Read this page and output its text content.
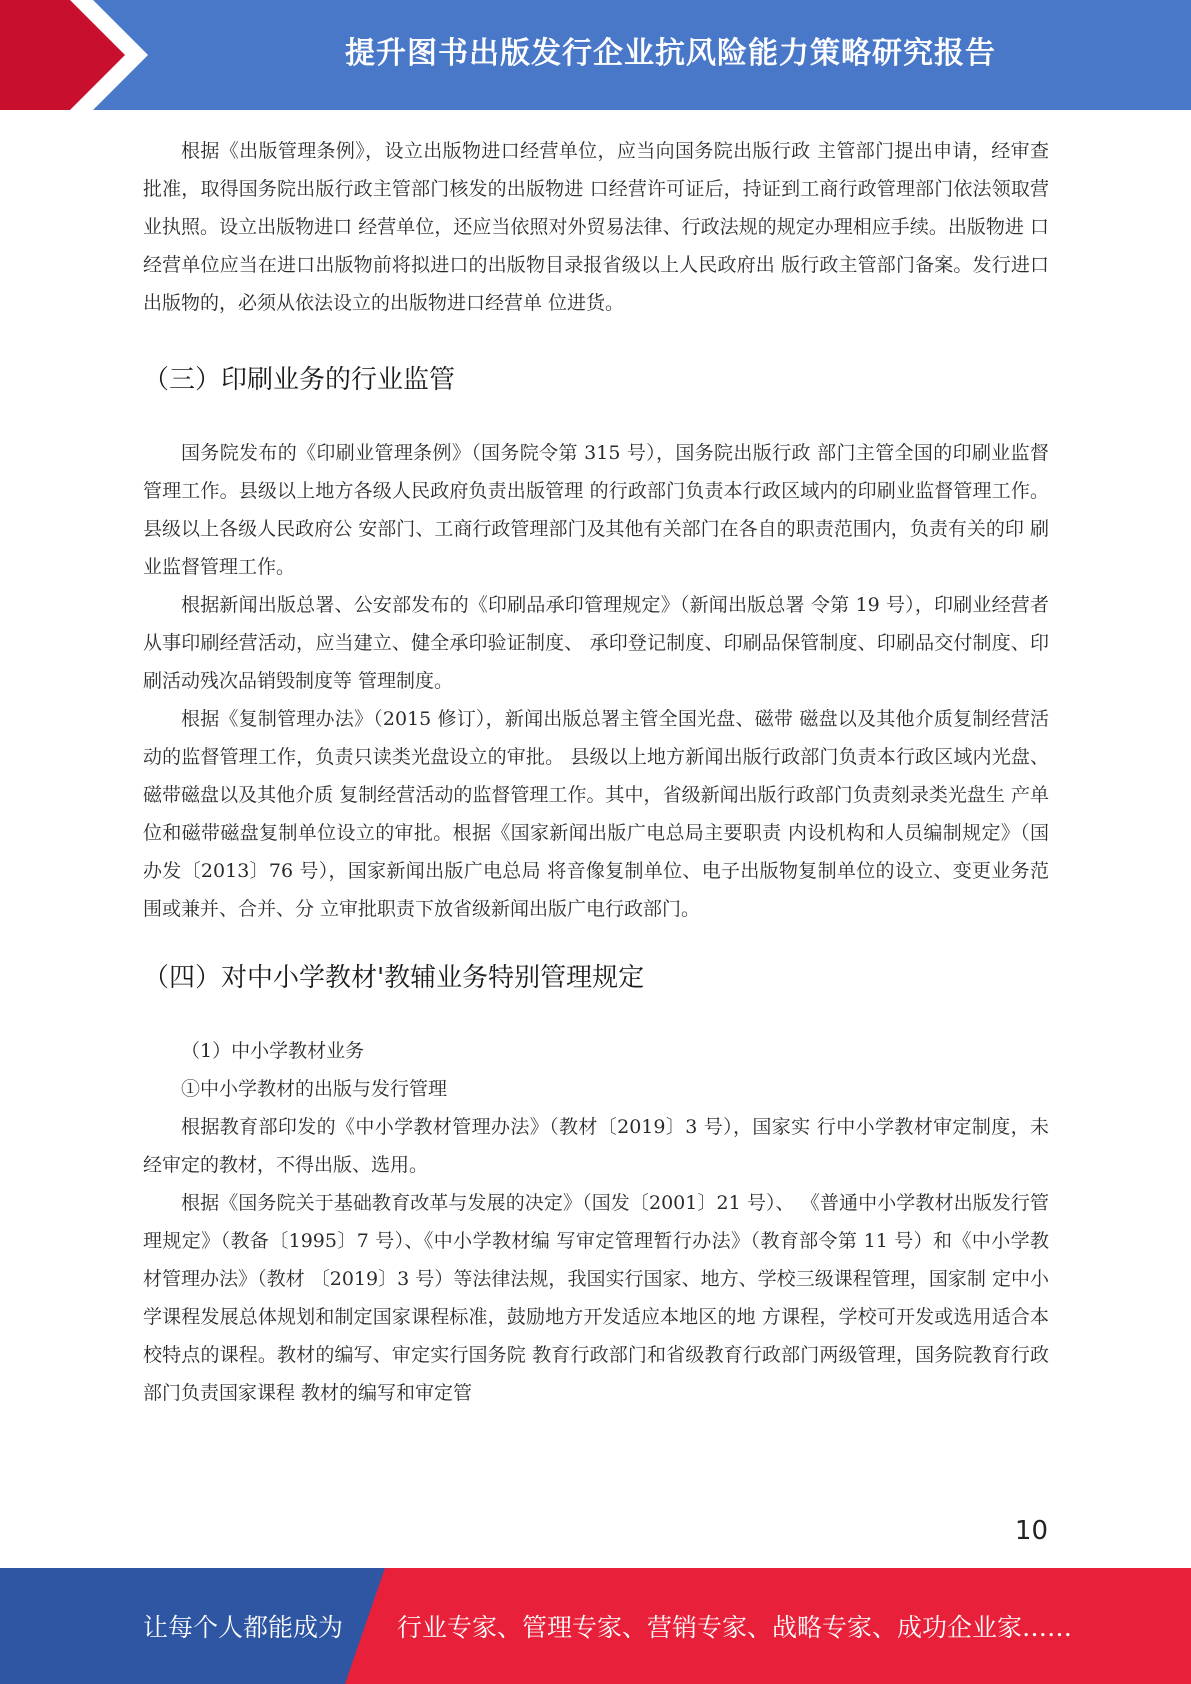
提升图书出版发行企业抗风险能力策略研究报告

根据《出版管理条例》，设立出版物进口经营单位，应当向国务院出版行政 主管部门提出申请，经审查批准，取得国务院出版行政主管部门核发的出版物进 口经营许可证后，持证到工商行政管理部门依法领取营业执照。设立出版物进口 经营单位，还应当依照对外贸易法律、行政法规的规定办理相应手续。出版物进 口经营单位应当在进口出版物前将拟进口的出版物目录报省级以上人民政府出 版行政主管部门备案。发行进口出版物的，必须从依法设立的出版物进口经营单 位进货。

（三）印刷业务的行业监管

国务院发布的《印刷业管理条例》（国务院令第 315 号），国务院出版行政 部门主管全国的印刷业监督管理工作。县级以上地方各级人民政府负责出版管理 的行政部门负责本行政区域内的印刷业监督管理工作。县级以上各级人民政府公 安部门、工商行政管理部门及其他有关部门在各自的职责范围内，负责有关的印 刷业监督管理工作。

根据新闻出版总署、公安部发布的《印刷品承印管理规定》（新闻出版总署 令第 19 号），印刷业经营者从事印刷经营活动，应当建立、健全承印验证制度、 承印登记制度、印刷品保管制度、印刷品交付制度、印刷活动残次品销毁制度等 管理制度。

根据《复制管理办法》（2015 修订），新闻出版总署主管全国光盘、磁带 磁盘以及其他介质复制经营活动的监督管理工作，负责只读类光盘设立的审批。 县级以上地方新闻出版行政部门负责本行政区域内光盘、磁带磁盘以及其他介质 复制经营活动的监督管理工作。其中，省级新闻出版行政部门负责刻录类光盘生 产单位和磁带磁盘复制单位设立的审批。根据《国家新闻出版广电总局主要职责 内设机构和人员编制规定》（国办发〔2013〕76 号），国家新闻出版广电总局 将音像复制单位、电子出版物复制单位的设立、变更业务范围或兼并、合并、分 立审批职责下放省级新闻出版广电行政部门。

（四）对中小学教材'教辅业务特别管理规定

（1）中小学教材业务

①中小学教材的出版与发行管理

根据教育部印发的《中小学教材管理办法》（教材〔2019〕3 号），国家实 行中小学教材审定制度，未经审定的教材，不得出版、选用。

根据《国务院关于基础教育改革与发展的决定》（国发〔2001〕21 号）、 《普通中小学教材出版发行管理规定》（教备〔1995〕7 号）、《中小学教材编 写审定管理暂行办法》（教育部令第 11 号）和《中小学教材管理办法》（教材 〔2019〕3 号）等法律法规，我国实行国家、地方、学校三级课程管理，国家制 定中小学课程发展总体规划和制定国家课程标准，鼓励地方开发适应本地区的地 方课程，学校可开发或选用适合本校特点的课程。教材的编写、审定实行国务院 教育行政部门和省级教育行政部门两级管理，国务院教育行政部门负责国家课程 教材的编写和审定管

10
让每个人都能成为 行业专家、管理专家、营销专家、战略专家、成功企业家……
